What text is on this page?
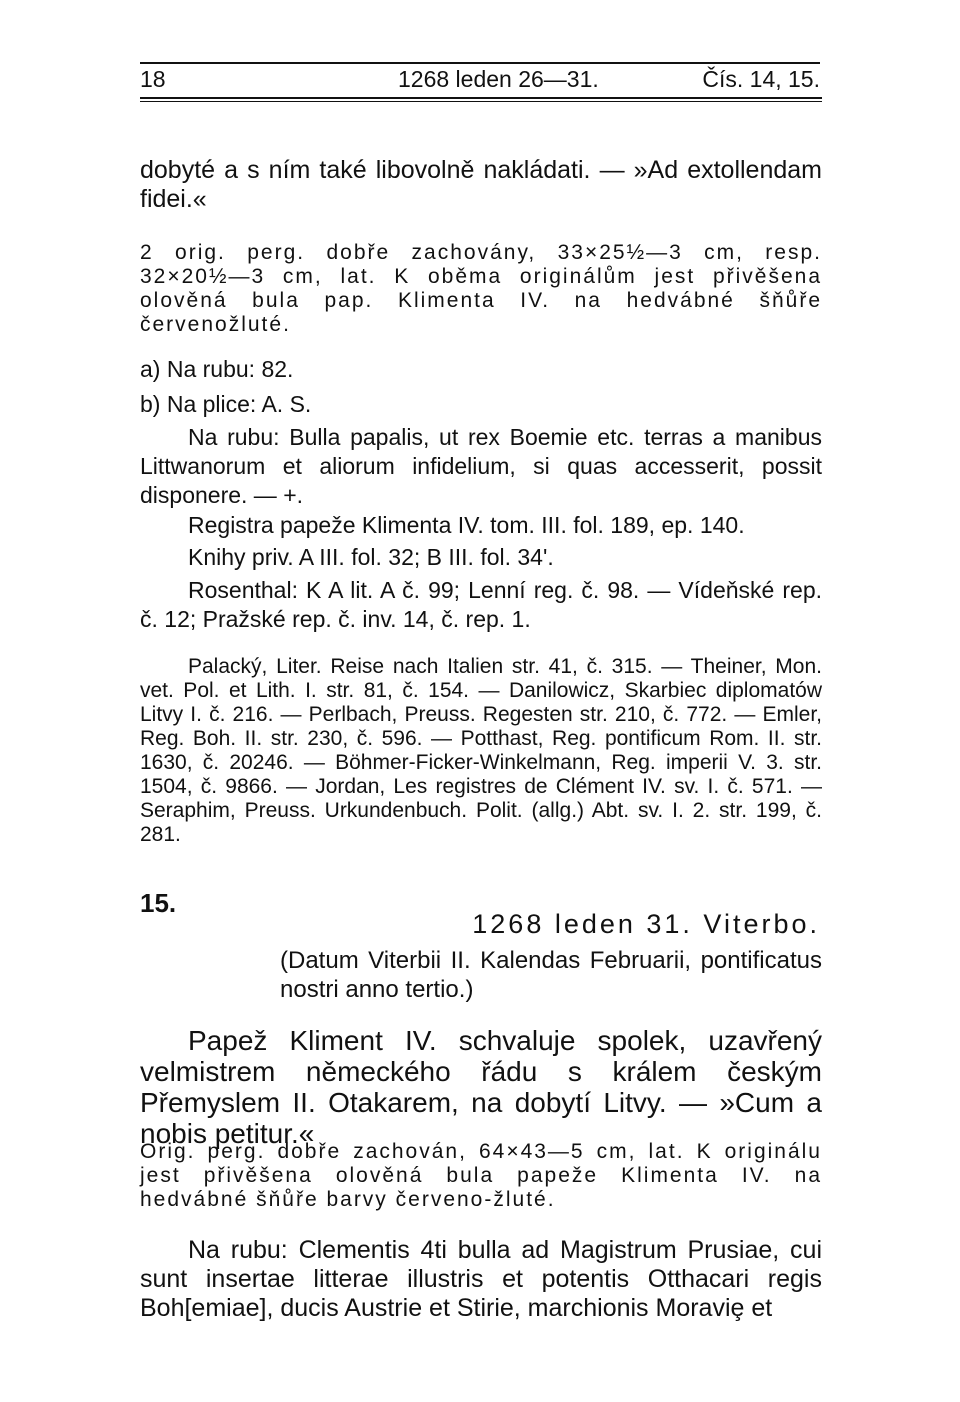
18	1268 leden 26—31.	Čís. 14, 15.

dobyté a s ním také libovolně nakládati. — »Ad extollendam fidei.«

2 orig. perg. dobře zachovány, 33×25½—3 cm, resp. 32×20½—3 cm, lat. K oběma originálům jest přivěšena olověná bula pap. Klimenta IV. na hedvábné šňůře červenožluté.

a) Na rubu: 82.

b) Na plice: A. S.

Na rubu: Bulla papalis, ut rex Boemie etc. terras a manibus Littwanorum et aliorum infidelium, si quas accesserit, possit disponere. — +.

Registra papeže Klimenta IV. tom. III. fol. 189, ep. 140.

Knihy priv. A III. fol. 32; B III. fol. 34'.

Rosenthal: K A lit. A č. 99; Lenní reg. č. 98. — Vídeňské rep. č. 12; Pražské rep. č. inv. 14, č. rep. 1.

Palacký, Liter. Reise nach Italien str. 41, č. 315. — Theiner, Mon. vet. Pol. et Lith. I. str. 81, č. 154. — Danilowicz, Skarbiec diplomatów Litvy I. č. 216. — Perlbach, Preuss. Regesten str. 210, č. 772. — Emler, Reg. Boh. II. str. 230, č. 596. — Potthast, Reg. pontificum Rom. II. str. 1630, č. 20246. — Böhmer-Ficker-Winkelmann, Reg. imperii V. 3. str. 1504, č. 9866. — Jordan, Les registres de Clément IV. sv. I. č. 571. — Seraphim, Preuss. Urkundenbuch. Polit. (allg.) Abt. sv. I. 2. str. 199, č. 281.

15.
1268 leden 31. Viterbo.

(Datum Viterbii II. Kalendas Februarii, pontificatus nostri anno tertio.)

Papež Kliment IV. schvaluje spolek, uzavřený velmistrem německého řádu s králem českým Přemyslem II. Otakarem, na dobytí Litvy. — »Cum a nobis petitur.«

Orig. perg. dobře zachován, 64×43—5 cm, lat. K originálu jest přivěšena olověná bula papeže Klimenta IV. na hedvábné šňůře barvy červeno-žluté.

Na rubu: Clementis 4ti bulla ad Magistrum Prusiae, cui sunt insertae litterae illustris et potentis Otthacari regis Boh[emiae], ducis Austrie et Stirie, marchionis Moraviȩ et
